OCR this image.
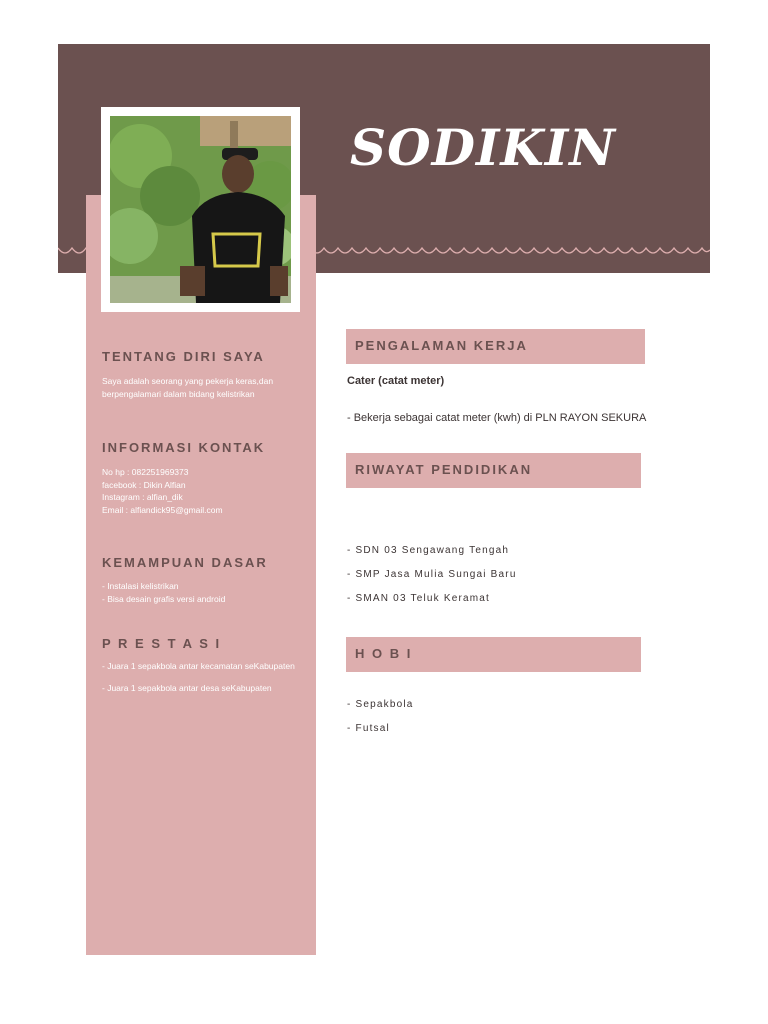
SODIKIN
TENTANG DIRI SAYA
Saya adalah seorang yang pekerja keras,dan
berpengalamari dalam bidang kelistrikan
INFORMASI KONTAK
No hp : 082251969373
facebook : Dikin Alfian
Instagram : alfian_dik
Email : alfiandick95@gmail.com
KEMAMPUAN DASAR
- Instalasi kelistrikan
- Bisa desain grafis versi android
P R E S T A S I
- Juara 1 sepakbola antar kecamatan seKabupaten
- Juara 1 sepakbola antar desa seKabupaten
PENGALAMAN KERJA
Cater (catat meter)
- Bekerja sebagai catat meter (kwh) di PLN RAYON SEKURA
RIWAYAT PENDIDIKAN
- SDN 03 Sengawang Tengah
- SMP Jasa Mulia Sungai Baru
- SMAN 03 Teluk Keramat
H O B I
- Sepakbola
- Futsal
